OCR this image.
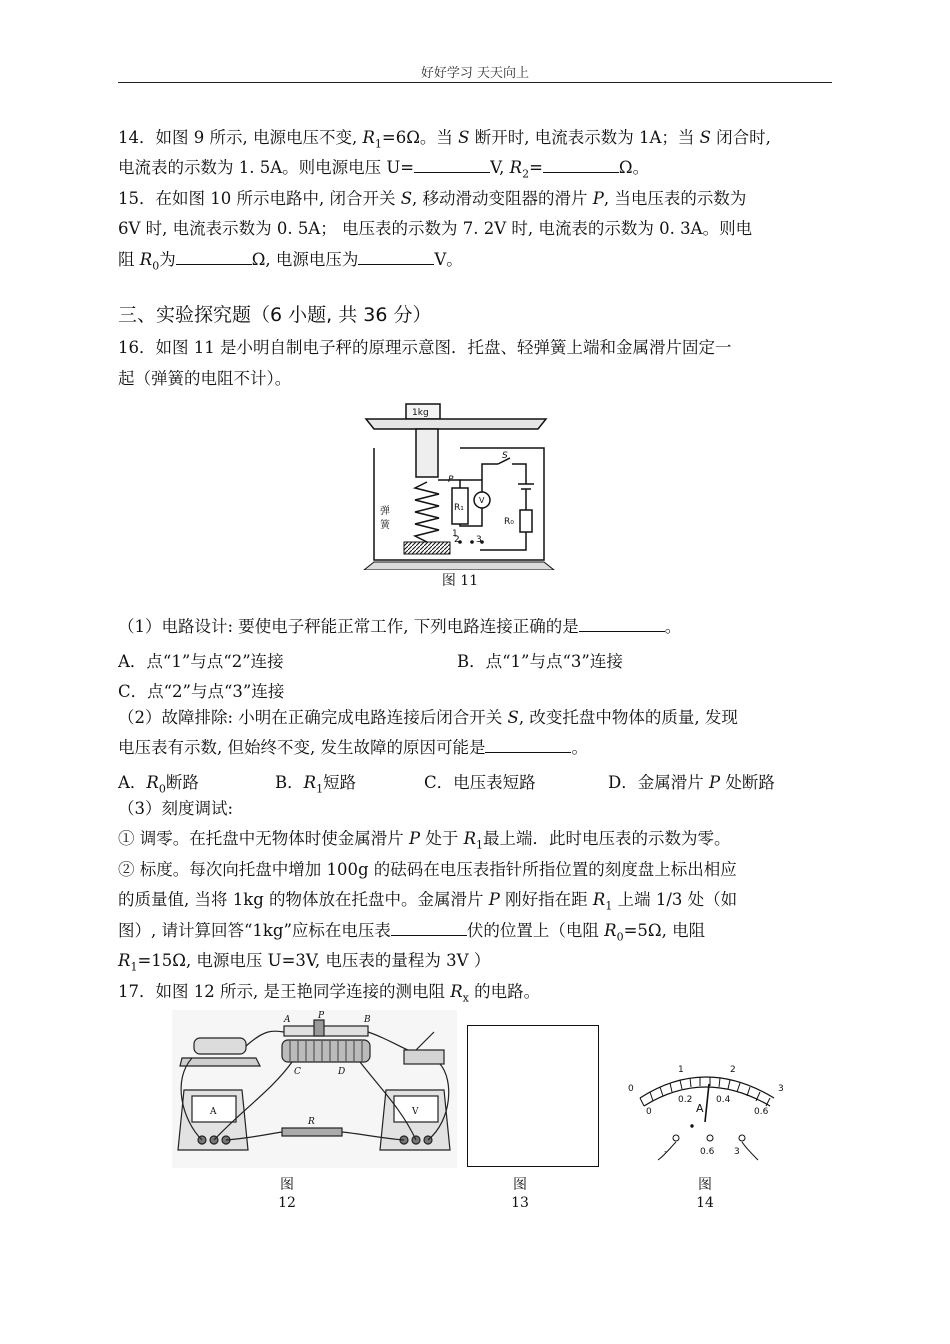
好好学习 天天向上
14．如图 9 所示, 电源电压不变, $R_1=6\Omega$。当 S 断开时, 电流表示数为 1A；当 S 闭合时,
电流表的示数为 1. 5A。则电源电压 U=	V, $R_2=$	Ω。
15．在如图 10 所示电路中, 闭合开关 S, 移动滑动变阻器的滑片 P, 当电压表的示数为
6V 时, 电流表示数为 0. 5A； 电压表的示数为 7. 2V 时, 电流表的示数为 0. 3A。则电
阻 $R_0$为	Ω, 电源电压为	V。
三、实验探究题（6 小题, 共 36 分）
16．如图 11 是小明自制电子秤的原理示意图．托盘、轻弹簧上端和金属滑片固定一
起（弹簧的电阻不计）。
1kg
P
弹
簧
R₁
V
S
R₀
1
2 3
图 11
（1）电路设计: 要使电子秤能正常工作, 下列电路连接正确的是	。
A．点“1”与点“2”连接	B．点“1”与点“3”连接
C．点“2”与点“3”连接
（2）故障排除: 小明在正确完成电路连接后闭合开关 S, 改变托盘中物体的质量, 发现
电压表有示数, 但始终不变, 发生故障的原因可能是	。
A．$R_0$断路	B．$R_1$短路	C．电压表短路	D．金属滑片 P 处断路
（3）刻度调试:
① 调零。在托盘中无物体时使金属滑片 P 处于 $R_1$最上端．此时电压表的示数为零。
② 标度。每次向托盘中增加 100g 的砝码在电压表指针所指位置的刻度盘上标出相应
的质量值, 当将 1kg 的物体放在托盘中。金属滑片 P 刚好指在距 $R_1$ 上端 1/3 处（如
图）, 请计算回答“1kg”应标在电压表	伏的位置上（电阻 $R_0=5\Omega$, 电阻
$R_1=15\Omega$, 电源电压 U=3V, 电压表的量程为 3V ）
17．如图 12 所示, 是王艳同学连接的测电阻 $R_x$ 的电路。
A	P	B
C	D
R
A	V
图
12
图
13
0
0.2	0.4
0.6
0
1	2
3
A
-	0.6 3
图
14
